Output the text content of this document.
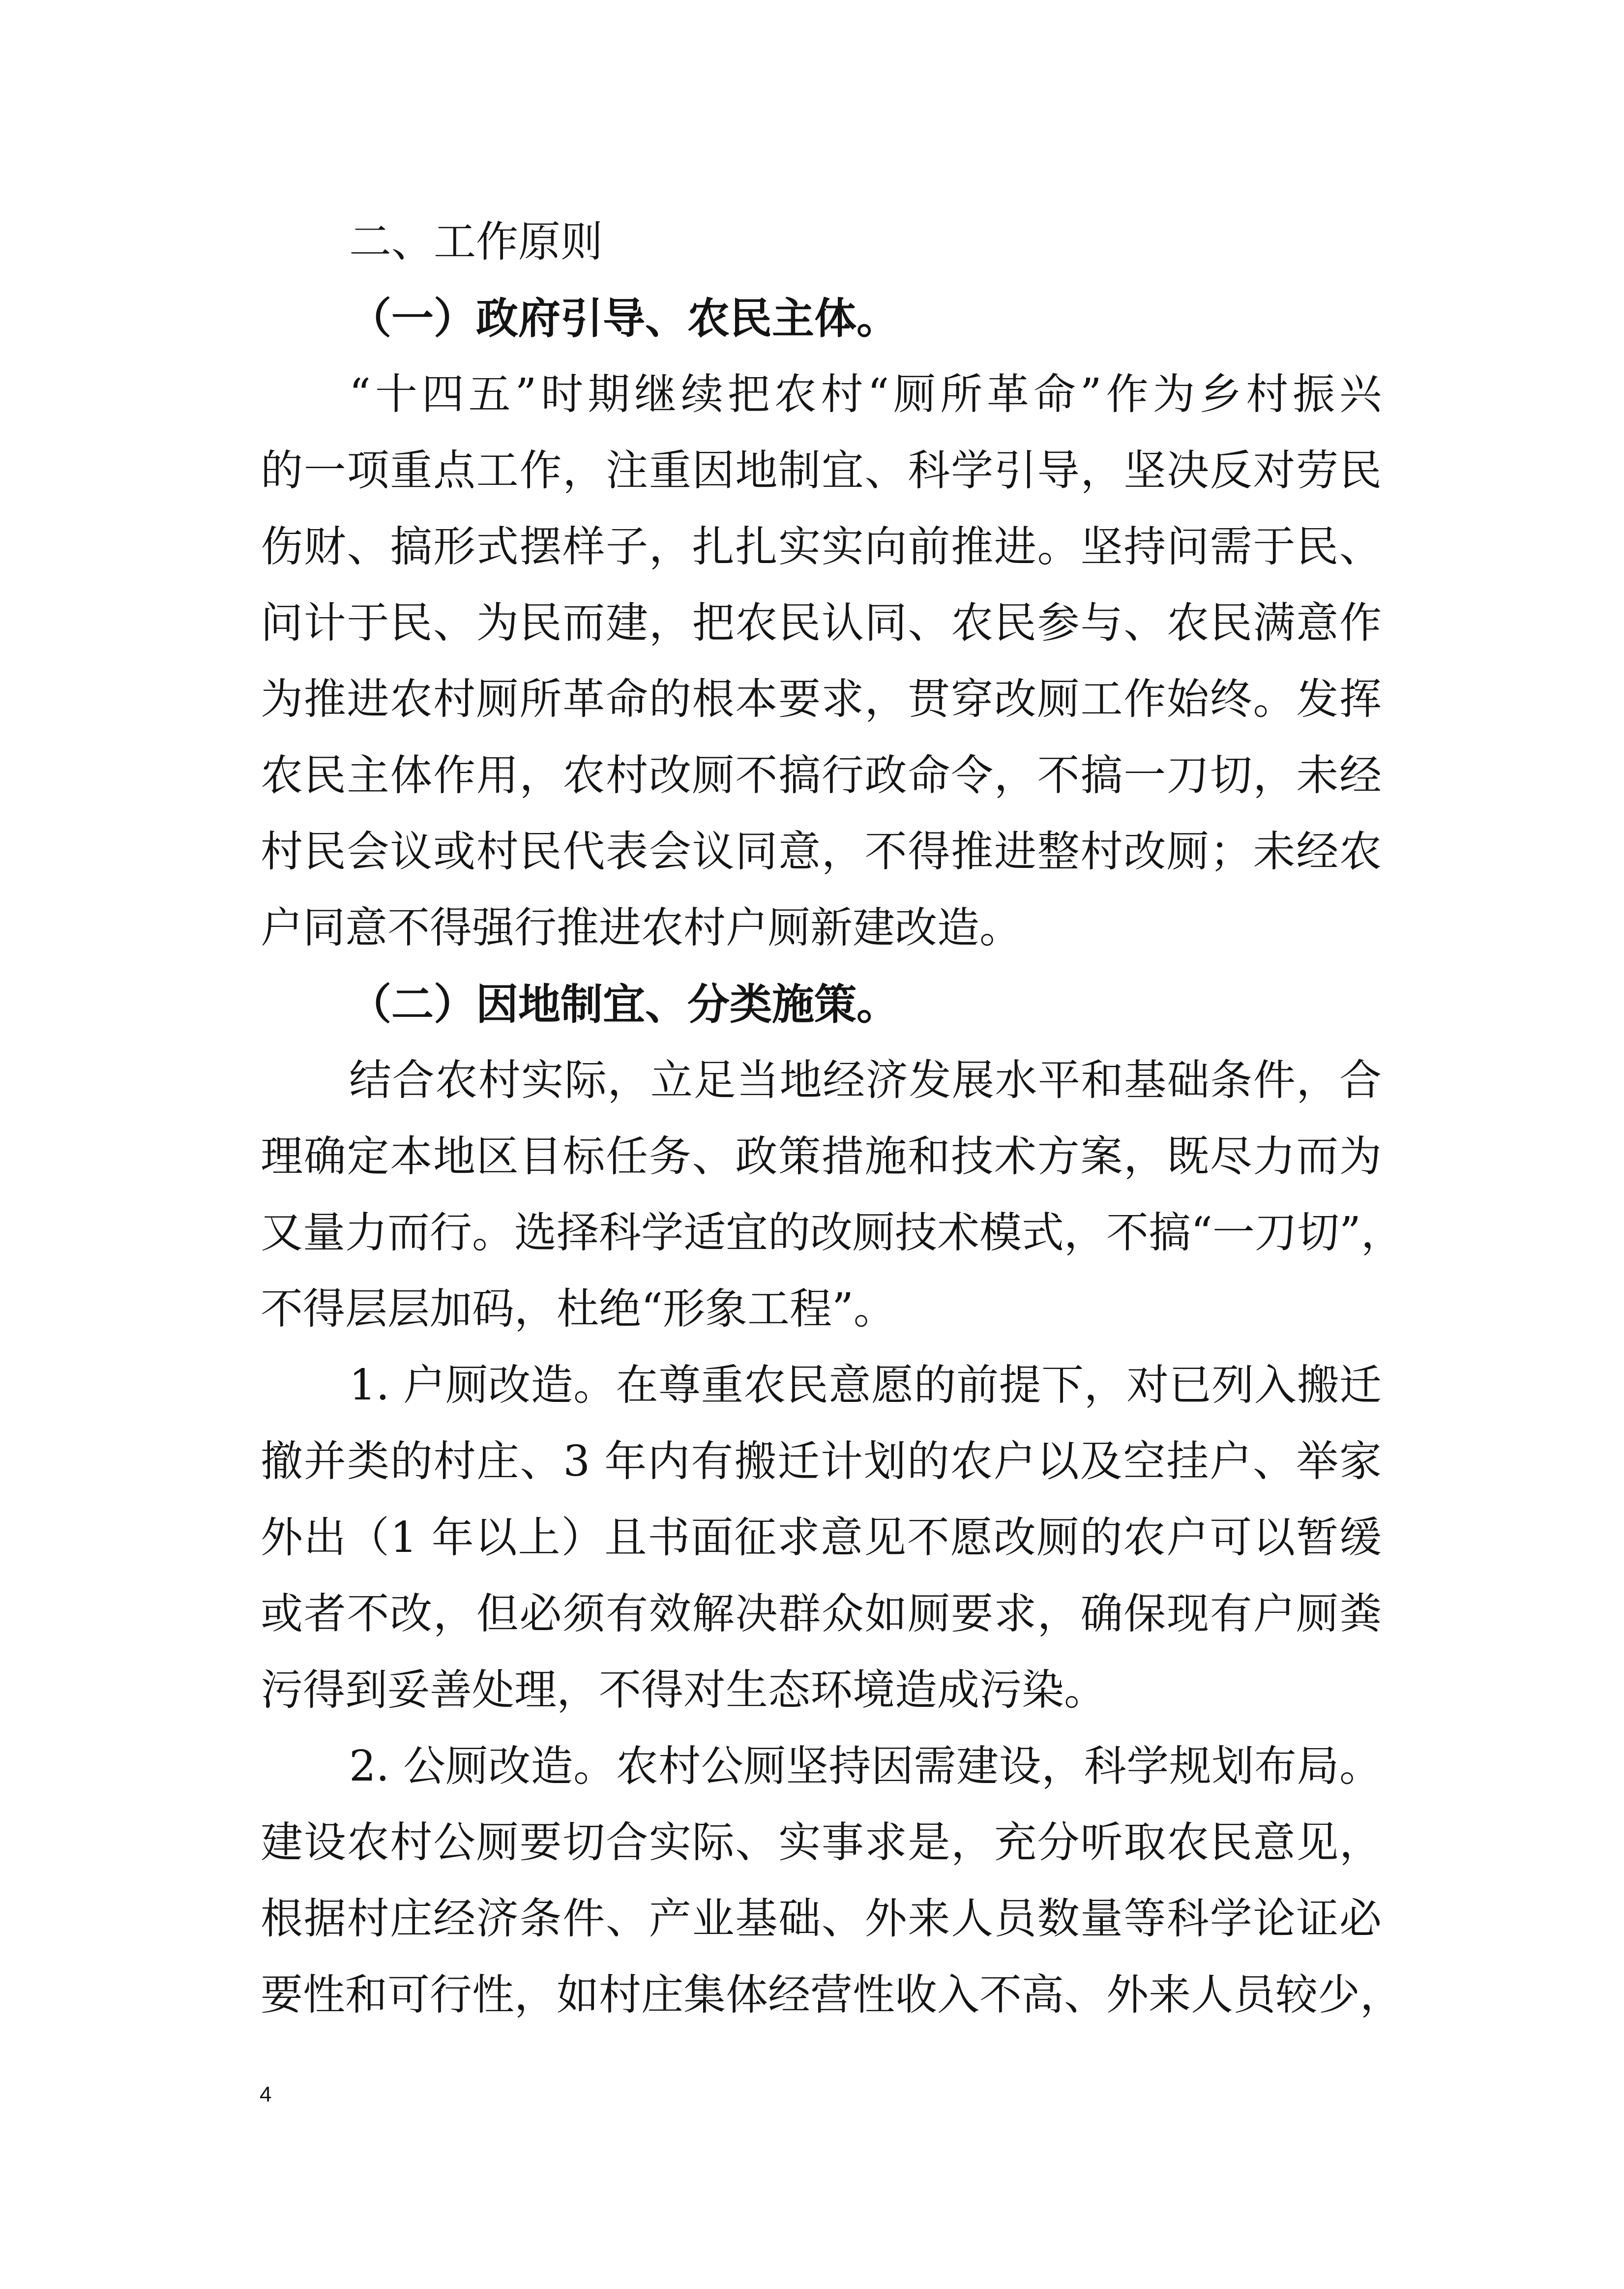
二、工作原则
（一）政府引导、农民主体。
“十四五”时期继续把农村“厕所革命”作为乡村振兴
的一项重点工作，注重因地制宜、科学引导，坚决反对劳民
伤财、搞形式摆样子，扎扎实实向前推进。坚持问需于民、
问计于民、为民而建，把农民认同、农民参与、农民满意作
为推进农村厕所革命的根本要求，贯穿改厕工作始终。发挥
农民主体作用，农村改厕不搞行政命令，不搞一刀切，未经
村民会议或村民代表会议同意，不得推进整村改厕；未经农
户同意不得强行推进农村户厕新建改造。
（二）因地制宜、分类施策。
结合农村实际，立足当地经济发展水平和基础条件，合
理确定本地区目标任务、政策措施和技术方案，既尽力而为
又量力而行。选择科学适宜的改厕技术模式，不搞“一刀切”，
不得层层加码，杜绝“形象工程”。
1. 户厕改造。在尊重农民意愿的前提下，对已列入搬迁
撤并类的村庄、3 年内有搬迁计划的农户以及空挂户、举家
外出（1 年以上）且书面征求意见不愿改厕的农户可以暂缓
或者不改，但必须有效解决群众如厕要求，确保现有户厕粪
污得到妥善处理，不得对生态环境造成污染。
2. 公厕改造。农村公厕坚持因需建设，科学规划布局。
建设农村公厕要切合实际、实事求是，充分听取农民意见，
根据村庄经济条件、产业基础、外来人员数量等科学论证必
要性和可行性，如村庄集体经营性收入不高、外来人员较少，
4
